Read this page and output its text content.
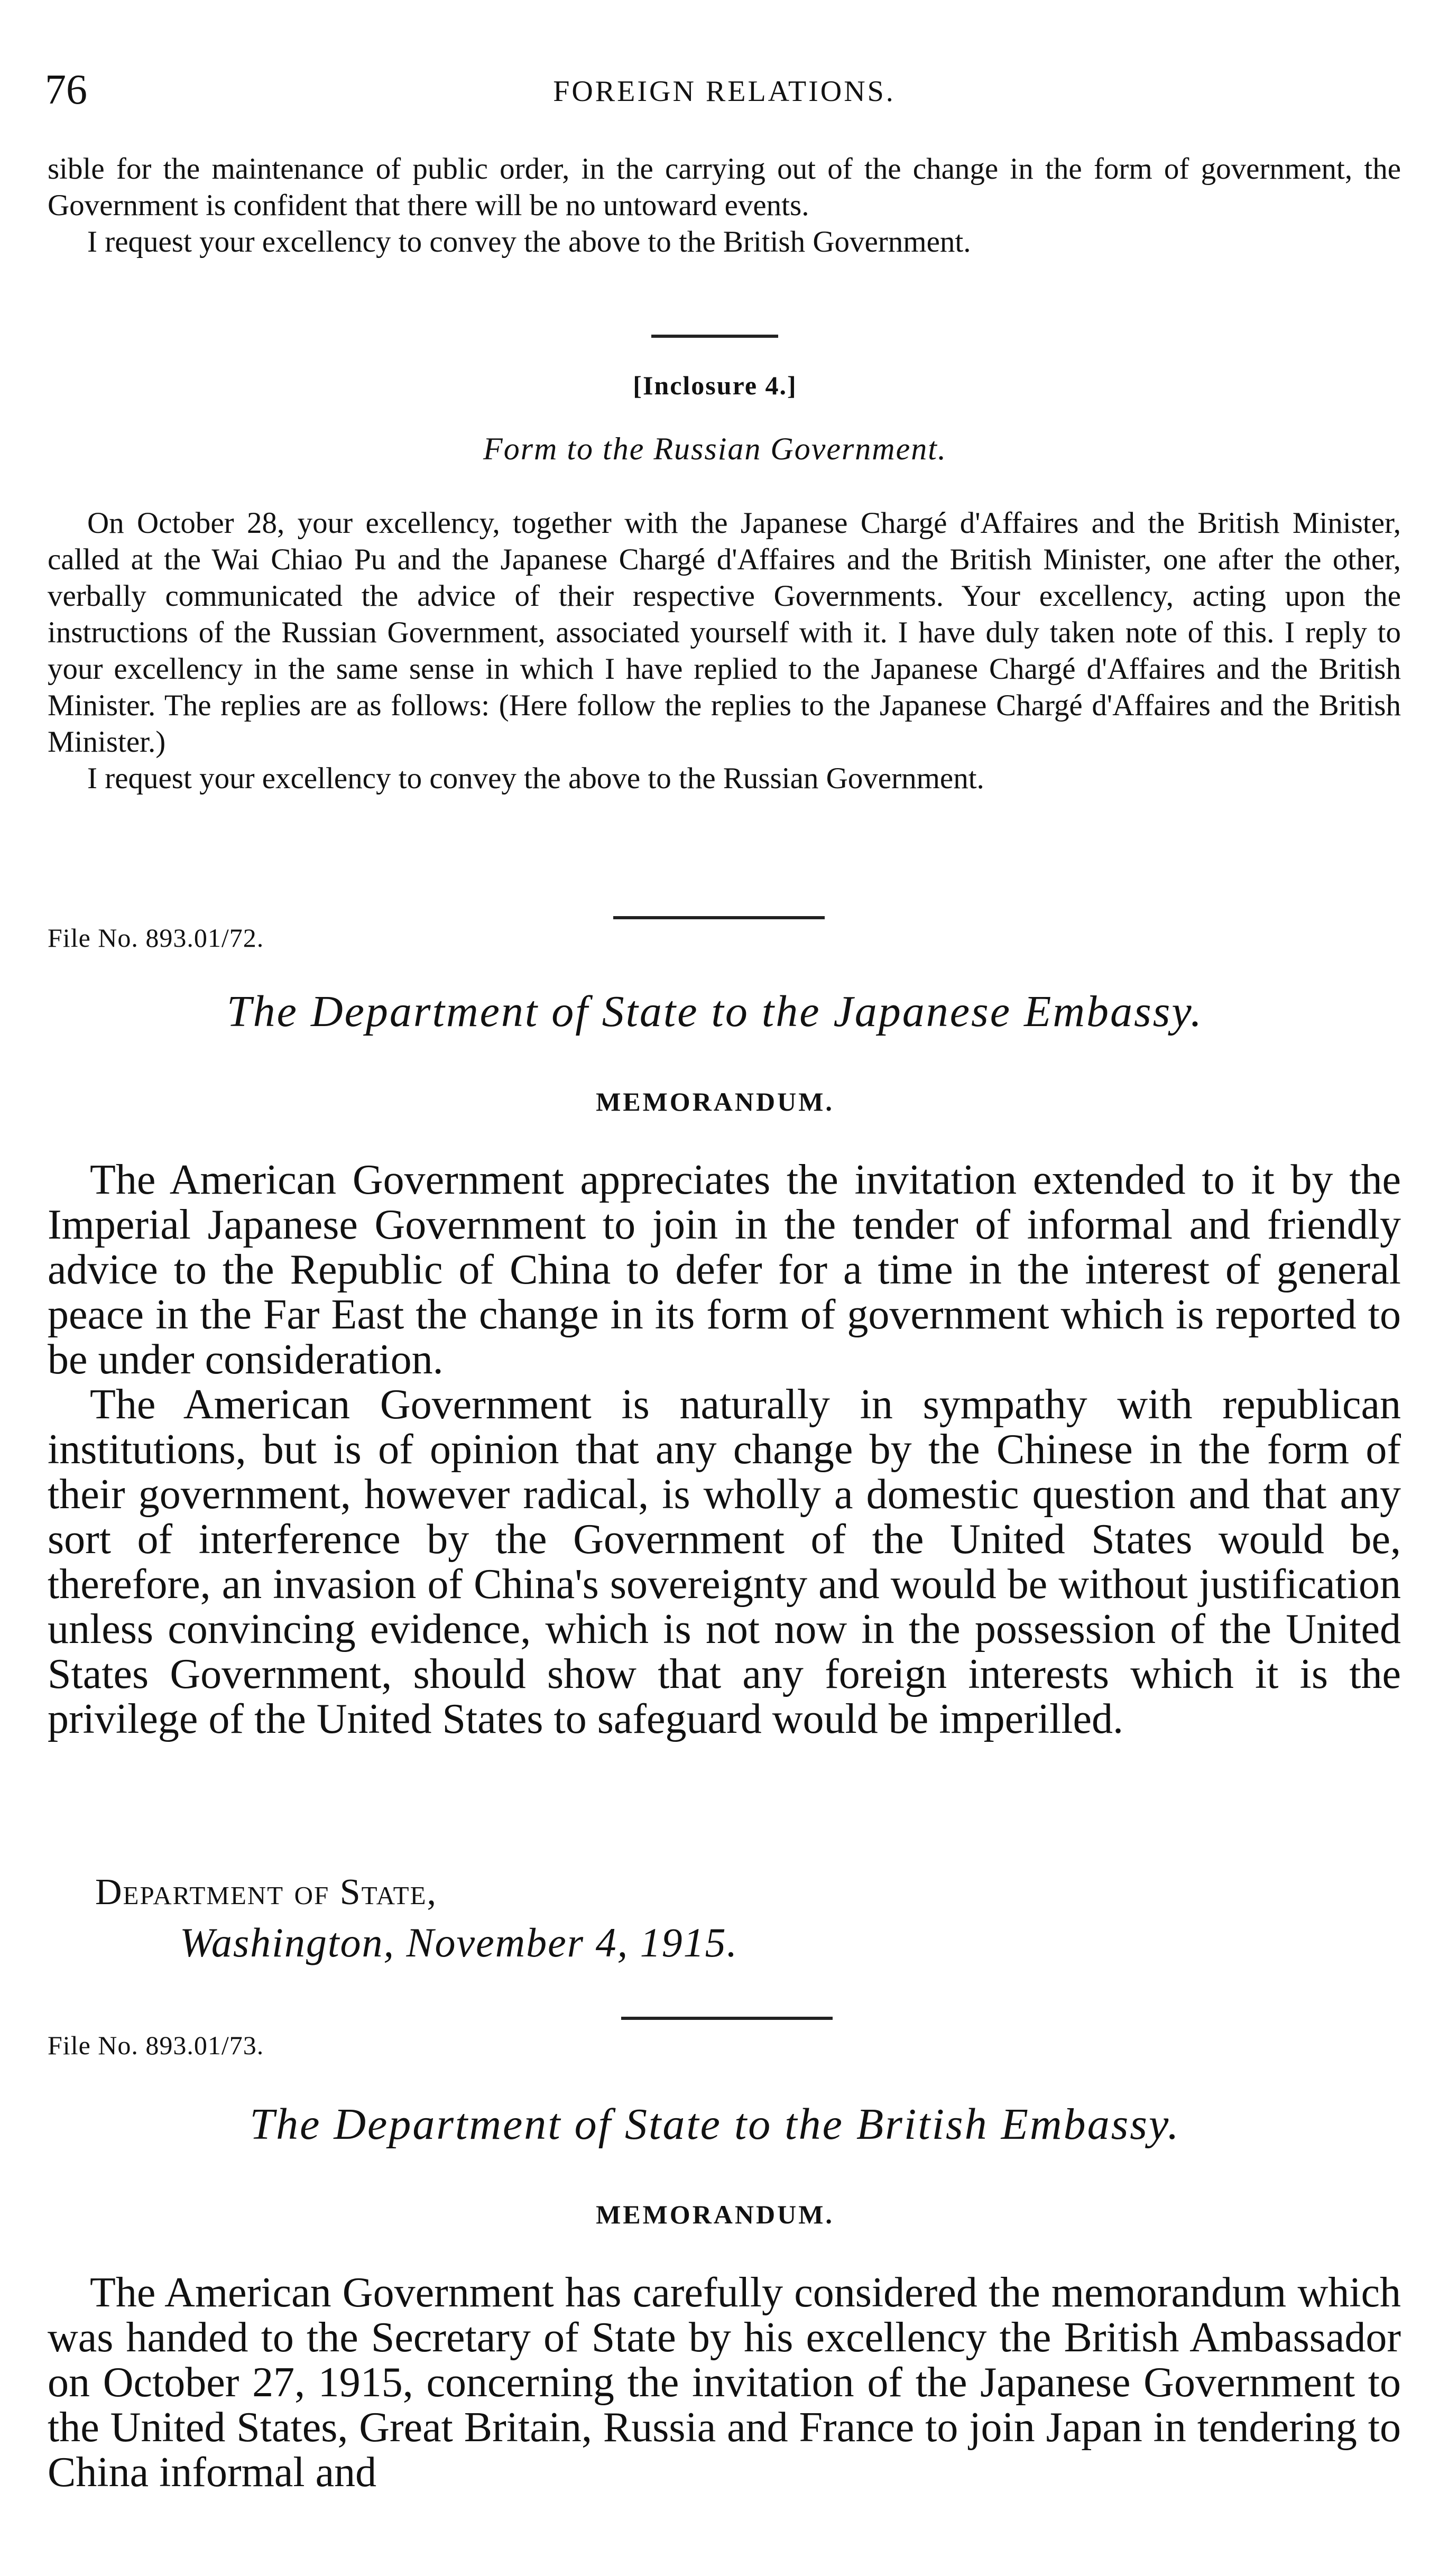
76	FOREIGN RELATIONS.

sible for the maintenance of public order, in the carrying out of the change in the form of government, the Government is confident that there will be no untoward events.

I request your excellency to convey the above to the British Government.

[Inclosure 4.]
Form to the Russian Government.

On October 28, your excellency, together with the Japanese Chargé d'Affaires and the British Minister, called at the Wai Chiao Pu and the Japanese Chargé d'Affaires and the British Minister, one after the other, verbally communicated the advice of their respective Governments. Your excellency, acting upon the instructions of the Russian Government, associated yourself with it. I have duly taken note of this. I reply to your excellency in the same sense in which I have replied to the Japanese Chargé d'Affaires and the British Minister. The replies are as follows: (Here follow the replies to the Japanese Chargé d'Affaires and the British Minister.)

I request your excellency to convey the above to the Russian Government.

File No. 893.01/72.
The Department of State to the Japanese Embassy.
MEMORANDUM.

The American Government appreciates the invitation extended to it by the Imperial Japanese Government to join in the tender of informal and friendly advice to the Republic of China to defer for a time in the interest of general peace in the Far East the change in its form of government which is reported to be under consideration.

The American Government is naturally in sympathy with republican institutions, but is of opinion that any change by the Chinese in the form of their government, however radical, is wholly a domestic question and that any sort of interference by the Government of the United States would be, therefore, an invasion of China's sovereignty and would be without justification unless convincing evidence, which is not now in the possession of the United States Government, should show that any foreign interests which it is the privilege of the United States to safeguard would be imperilled.

Department of State,
Washington, November 4, 1915.
File No. 893.01/73.
The Department of State to the British Embassy.
MEMORANDUM.

The American Government has carefully considered the memorandum which was handed to the Secretary of State by his excellency the British Ambassador on October 27, 1915, concerning the invitation of the Japanese Government to the United States, Great Britain, Russia and France to join Japan in tendering to China informal and
